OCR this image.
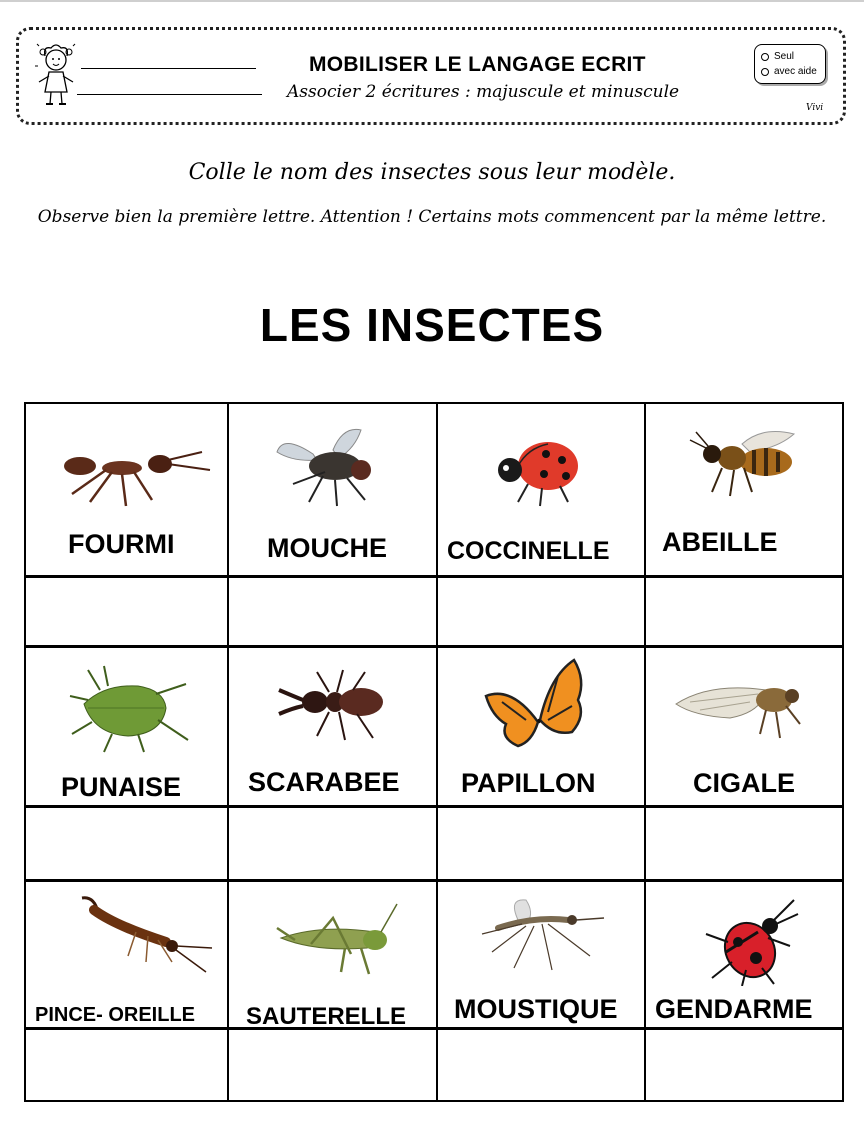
MOBILISER LE LANGAGE ECRIT
Associer 2 écritures : majuscule et minuscule
Seul
avec aide
Vivi
Colle le nom des insectes sous leur modèle.
Observe bien la première lettre. Attention ! Certains mots commencent par la même lettre.
LES INSECTES
FOURMI	MOUCHE COCCINELLE ABEILLE
PUNAISE SCARABEE PAPILLON	CIGALE
PINCE- OREILLE SAUTERELLE MOUSTIQUE GENDARME
